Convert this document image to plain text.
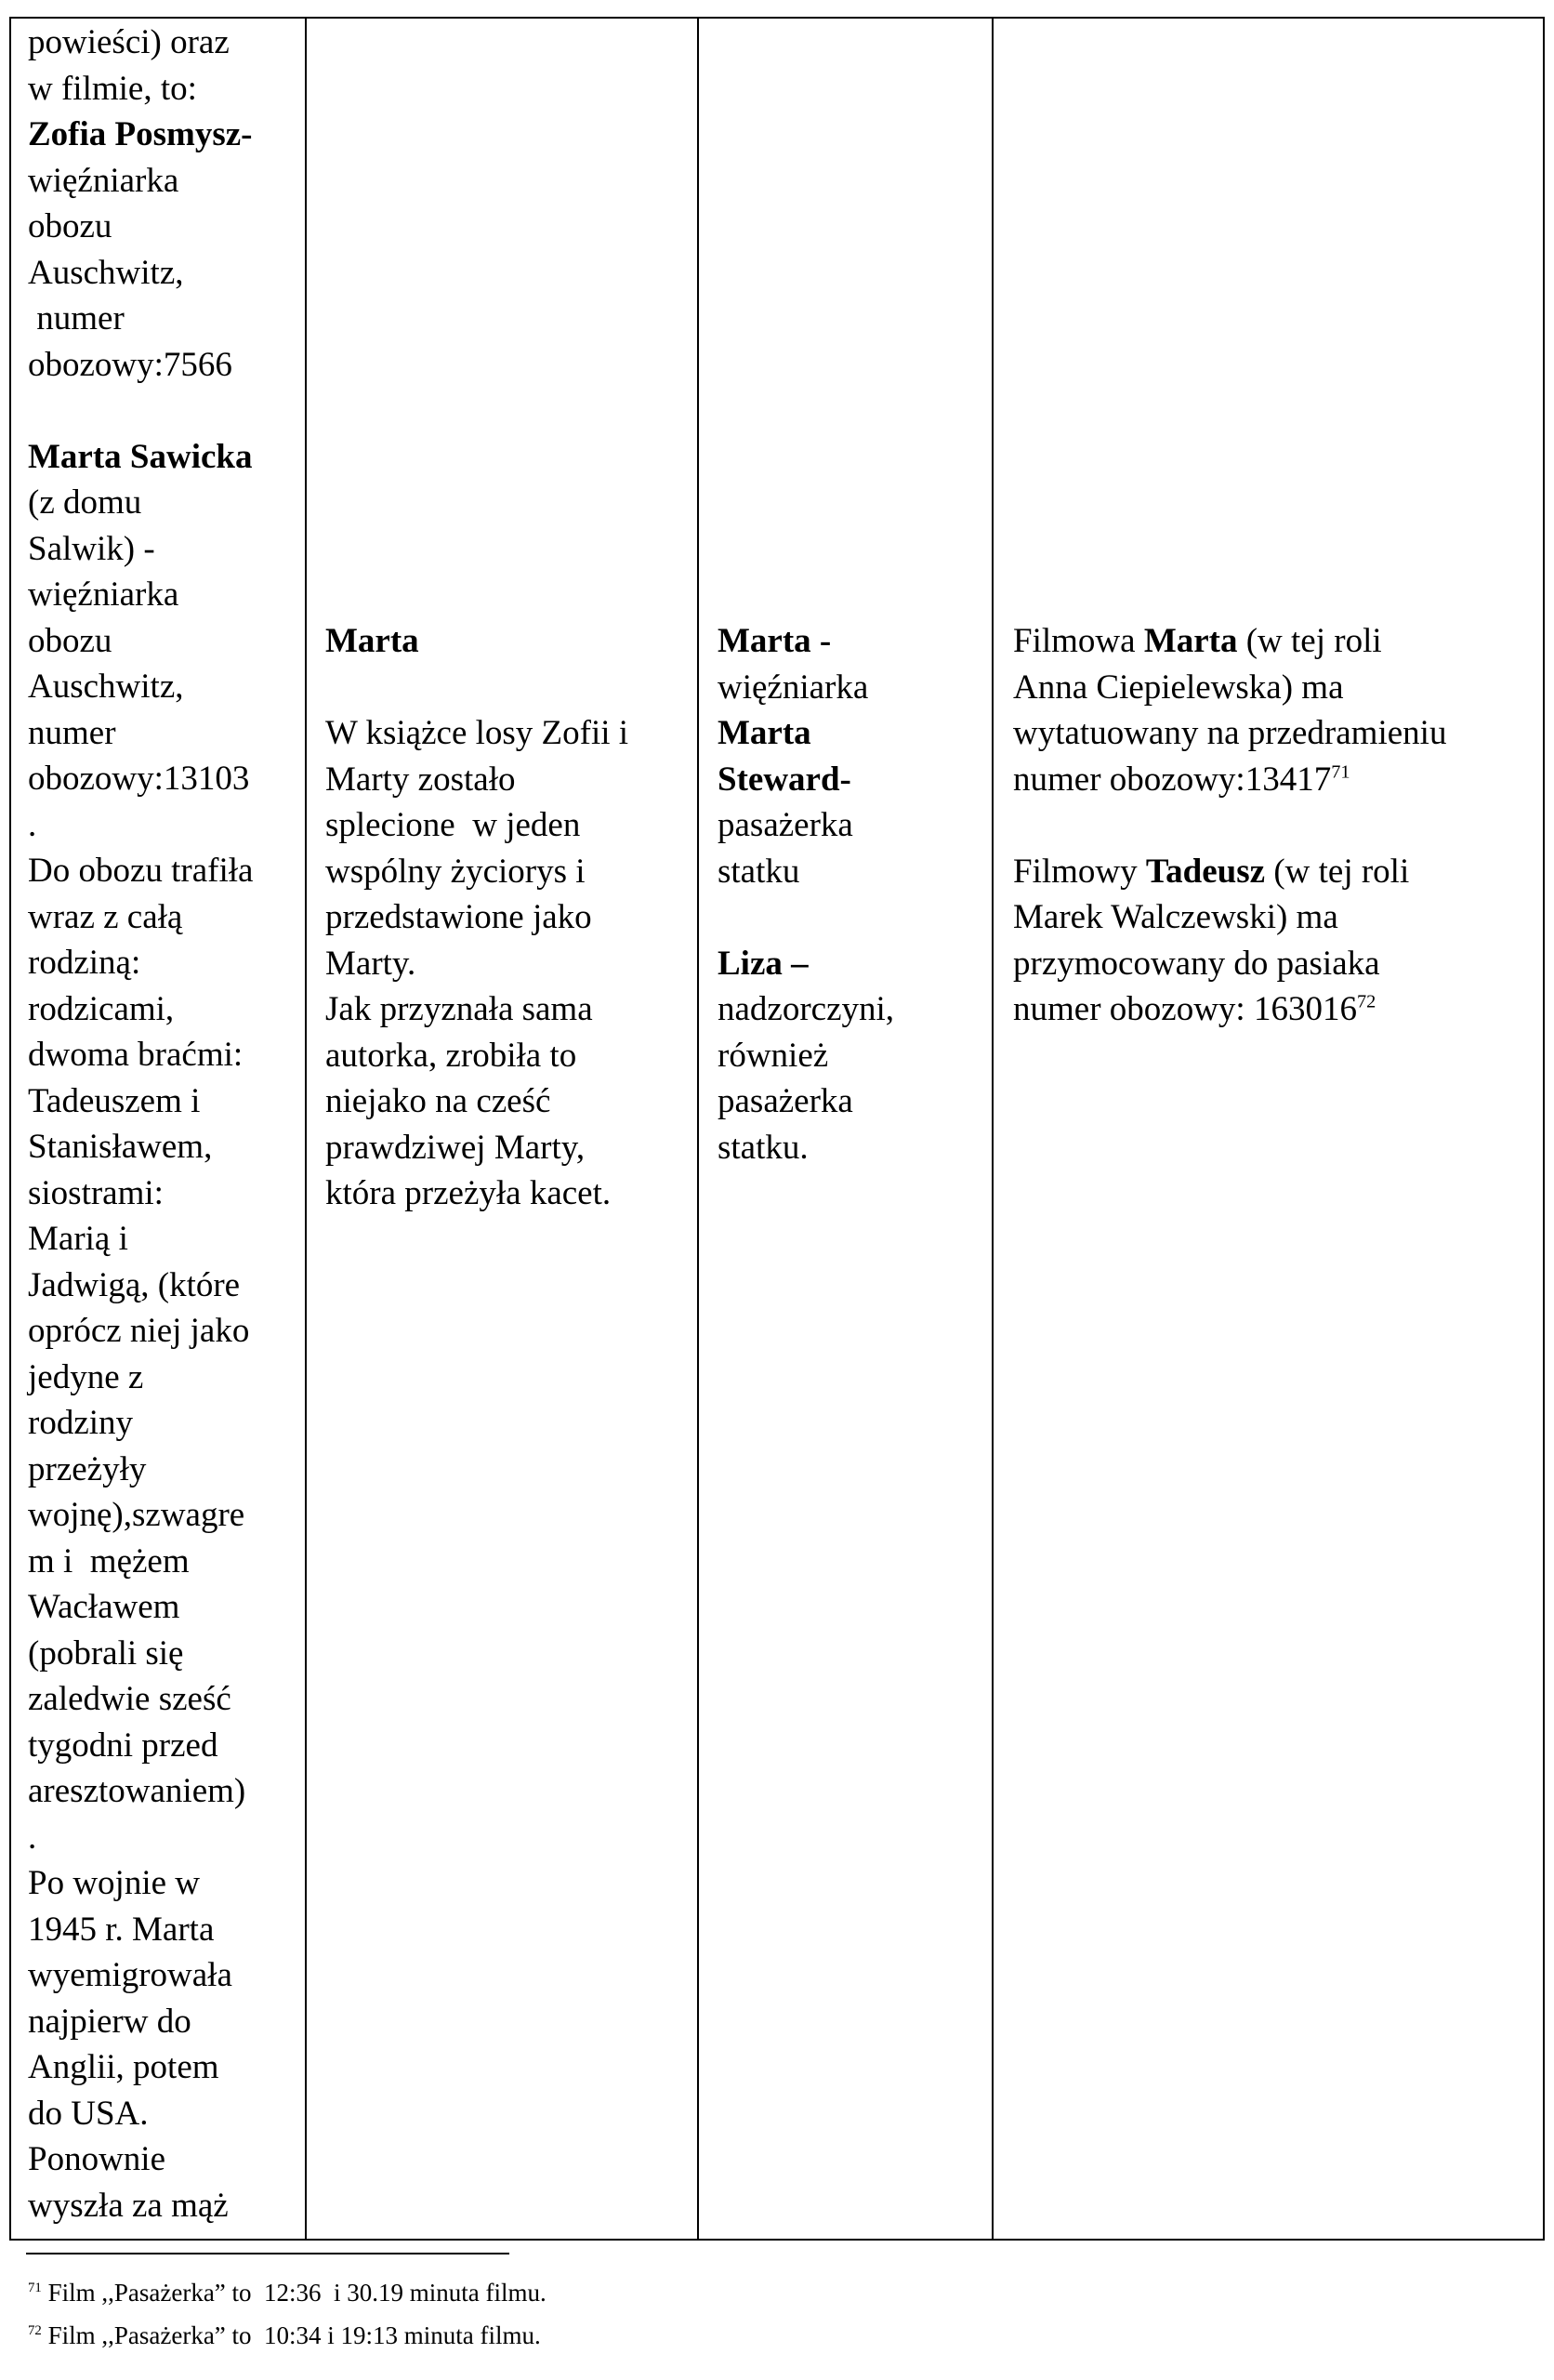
powieści) oraz

w filmie, to:

Zofia Posmysz-

więźniarka

obozu

Auschwitz,

numer

obozowy:7566

Marta Sawicka

(z domu

Salwik) -

więźniarka

obozu

Auschwitz,

numer

obozowy:13103

.

Do obozu trafiła

wraz z całą

rodziną:

rodzicami,

dwoma braćmi:

Tadeuszem i

Stanisławem,

siostrami:

Marią i

Jadwigą, (które

oprócz niej jako

jedyne z

rodziny

przeżyły

wojnę),szwagre

m i  mężem

Wacławem

(pobrali się

zaledwie sześć

tygodni przed

aresztowaniem)

.

Po wojnie w

1945 r. Marta

wyemigrowała

najpierw do

Anglii, potem

do USA.

Ponownie

wyszła za mąż

Marta

W książce losy Zofii i

Marty zostało

splecione  w jeden

wspólny życiorys i

przedstawione jako

Marty.

Jak przyznała sama

autorka, zrobiła to

niejako na cześć

prawdziwej Marty,

która przeżyła kacet.

Marta -

więźniarka

Marta

Steward-

pasażerka

statku

Liza –

nadzorczyni,

również

pasażerka

statku.

Filmowa Marta (w tej roli

Anna Ciepielewska) ma

wytatuowany na przedramieniu

numer obozowy:13417$^{71}$

Filmowy Tadeusz (w tej roli

Marek Walczewski) ma

przymocowany do pasiaka

numer obozowy: 163016$^{72}$

$^{71}$ Film ,,Pasażerka” to  12:36  i 30.19 minuta filmu.
$^{72}$ Film ,,Pasażerka” to  10:34 i 19:13 minuta filmu.
